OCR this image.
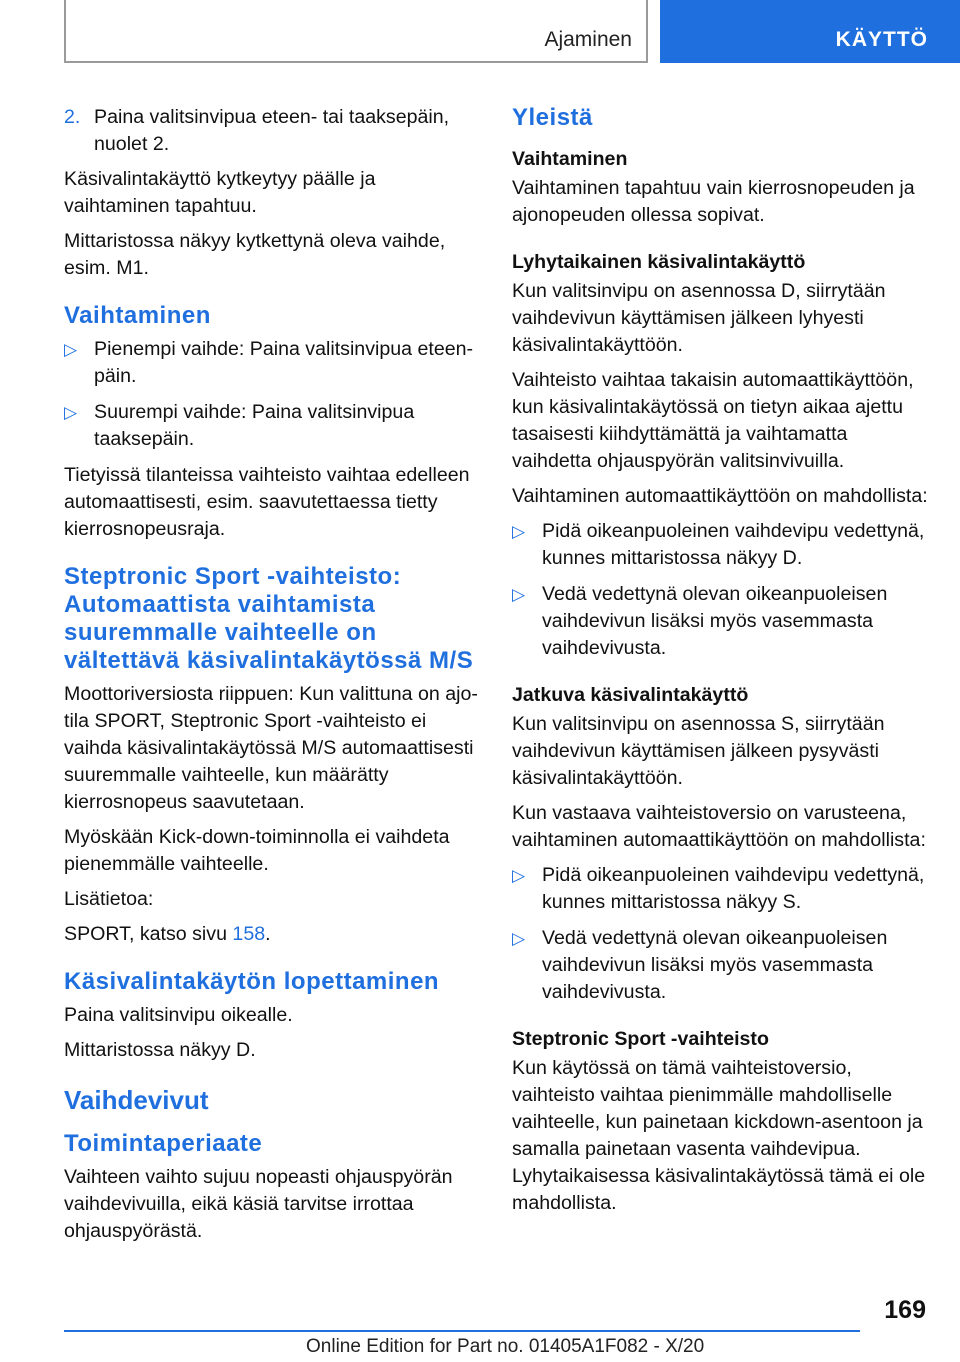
Ajaminen	KÄYTTÖ
2. Paina valitsinvipua eteen- tai taaksepäin, nuolet 2.

Käsivalintakäyttö kytkeytyy päälle ja vaihtaminen tapahtuu.

Mittaristossa näkyy kytkettynä oleva vaihde, esim. M1.

Vaihtaminen
▷ Pienempi vaihde: Paina valitsinvipua eteenpäin.
▷ Suurempi vaihde: Paina valitsinvipua taaksepäin.

Tietyissä tilanteissa vaihteisto vaihtaa edelleen automaattisesti, esim. saavutettaessa tietty kierrosnopeusraja.

Steptronic Sport -vaihteisto: Automaattista vaihtamista suuremmalle vaihteelle on vältettävä käsivalintakäytössä M/S

Moottoriversiosta riippuen: Kun valittuna on ajotila SPORT, Steptronic Sport -vaihteisto ei vaihda käsivalintakäytössä M/S automaattisesti suuremmalle vaihteelle, kun määrätty kierrosnopeus saavutetaan.

Myöskään Kick-down-toiminnolla ei vaihdeta pienemmälle vaihteelle.

Lisätietoa:

SPORT, katso sivu 158.

Käsivalintakäytön lopettaminen

Paina valitsinvipu oikealle.

Mittaristossa näkyy D.

Vaihdevivut
Toimintaperiaate

Vaihteen vaihto sujuu nopeasti ohjauspyörän vaihdevivuilla, eikä käsiä tarvitse irrottaa ohjauspyörästä.

Yleistä
Vaihtaminen

Vaihtaminen tapahtuu vain kierrosnopeuden ja ajonopeuden ollessa sopivat.

Lyhytaikainen käsivalintakäyttö

Kun valitsinvipu on asennossa D, siirrytään vaihdevivun käyttämisen jälkeen lyhyesti käsivalintakäyttöön.

Vaihteisto vaihtaa takaisin automaattikäyttöön, kun käsivalintakäytössä on tietyn aikaa ajettu tasaisesti kiihdyttämättä ja vaihtamatta vaihdetta ohjauspyörän valitsinvivuilla.

Vaihtaminen automaattikäyttöön on mahdollista:

▷ Pidä oikeanpuoleinen vaihdevipu vedettynä, kunnes mittaristossa näkyy D.
▷ Vedä vedettynä olevan oikeanpuoleisen vaihdevivun lisäksi myös vasemmasta vaihdevivusta.
Jatkuva käsivalintakäyttö

Kun valitsinvipu on asennossa S, siirrytään vaihdevivun käyttämisen jälkeen pysyvästi käsivalintakäyttöön.

Kun vastaava vaihteistoversio on varusteena, vaihtaminen automaattikäyttöön on mahdollista:

▷ Pidä oikeanpuoleinen vaihdevipu vedettynä, kunnes mittaristossa näkyy S.
▷ Vedä vedettynä olevan oikeanpuoleisen vaihdevivun lisäksi myös vasemmasta vaihdevivusta.
Steptronic Sport -vaihteisto

Kun käytössä on tämä vaihteistoversio, vaihteisto vaihtaa pienimmälle mahdolliselle vaihteelle, kun painetaan kickdown-asentoon ja samalla painetaan vasenta vaihdevipua. Lyhytaikaisessa käsivalintakäytössä tämä ei ole mahdollista.

169
Online Edition for Part no. 01405A1F082 - X/20
